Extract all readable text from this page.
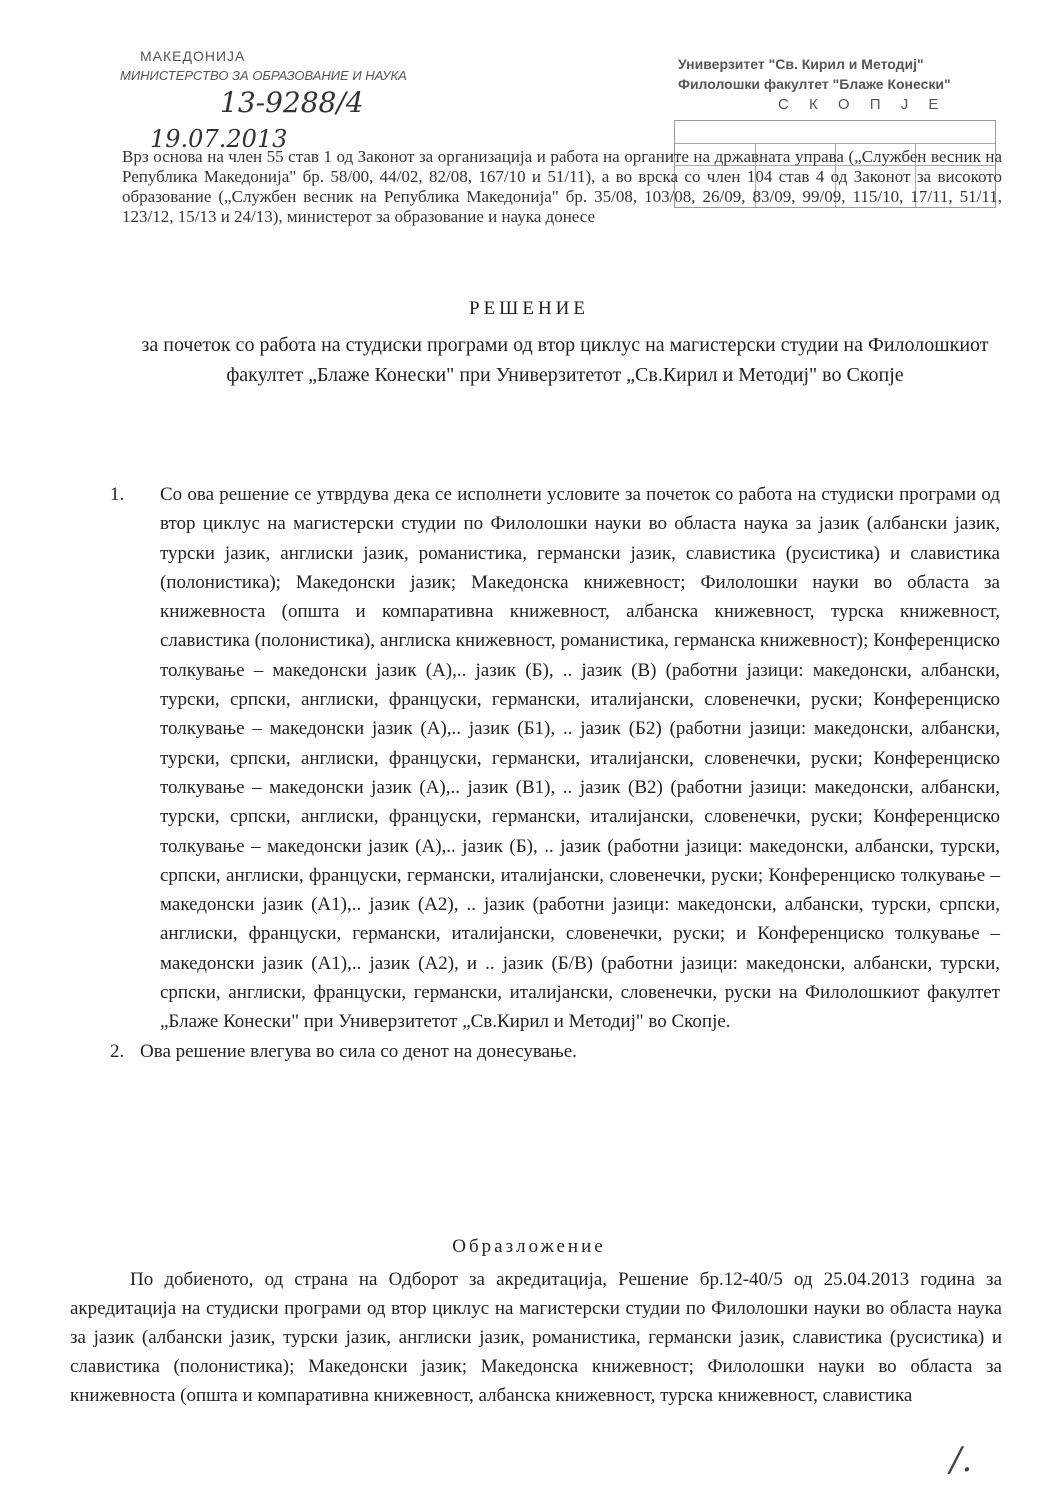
МАКЕДОНИЈА
МИНИСТЕРСТВО ЗА ОБРАЗОВАНИЕ И НАУКА
13-9288/4
19.07.2013
Универзитет "Св. Кирил и Методиј"
Филолошки факултет "Блаже Конески"
С К О П Ј Е
Врз основа на член 55 став 1 од Законот за организација и работа на органите на државната управа („Службен весник на Република Македонија" бр. 58/00, 44/02, 82/08, 167/10 и 51/11), а во врска со член 104 став 4 од Законот за високото образование („Службен весник на Република Македонија" бр. 35/08, 103/08, 26/09, 83/09, 99/09, 115/10, 17/11, 51/11, 123/12, 15/13 и 24/13), министерот за образование и наука донесе
РЕШЕНИЕ
за почеток со работа на студиски програми од втор циклус на магистерски студии на Филолошкиот факултет „Блаже Конески" при Универзитетот „Св.Кирил и Методиј" во Скопје
1. Со ова решение се утврдува дека се исполнети условите за почеток со работа на студиски програми од втор циклус на магистерски студии по Филолошки науки во областа наука за јазик (албански јазик, турски јазик, англиски јазик, романистика, германски јазик, славистика (русистика) и славистика (полонистика); Македонски јазик; Македонска книжевност; Филолошки науки во областа за книжевноста (општа и компаративна книжевност, албанска книжевност, турска книжевност, славистика (полонистика), англиска книжевност, романистика, германска книжевност); Конференциско толкување – македонски јазик (А),.. јазик (Б), .. јазик (В) (работни јазици: македонски, албански, турски, српски, англиски, француски, германски, италијански, словенечки, руски; Конференциско толкување – македонски јазик (А),.. јазик (Б1), .. јазик (Б2) (работни јазици: македонски, албански, турски, српски, англиски, француски, германски, италијански, словенечки, руски; Конференциско толкување – македонски јазик (А),.. јазик (В1), .. јазик (В2) (работни јазици: македонски, албански, турски, српски, англиски, француски, германски, италијански, словенечки, руски; Конференциско толкување – македонски јазик (А),.. јазик (Б), .. јазик (работни јазици: македонски, албански, турски, српски, англиски, француски, германски, италијански, словенечки, руски; Конференциско толкување – македонски јазик (А1),.. јазик (А2), .. јазик (работни јазици: македонски, албански, турски, српски, англиски, француски, германски, италијански, словенечки, руски; и Конференциско толкување – македонски јазик (А1),.. јазик (А2), и .. јазик (Б/В) (работни јазици: македонски, албански, турски, српски, англиски, француски, германски, италијански, словенечки, руски на Филолошкиот факултет „Блаже Конески" при Универзитетот „Св.Кирил и Методиј" во Скопје.
2. Ова решение влегува во сила со денот на донесување.
Образложение
По добиеното, од страна на Одборот за акредитација, Решение бр.12-40/5 од 25.04.2013 година за акредитација на студиски програми од втор циклус на магистерски студии по Филолошки науки во областа наука за јазик (албански јазик, турски јазик, англиски јазик, романистика, германски јазик, славистика (русистика) и славистика (полонистика); Македонски јазик; Македонска книжевност; Филолошки науки во областа за книжевноста (општа и компаративна книжевност, албанска книжевност, турска книжевност, славистика
/.
